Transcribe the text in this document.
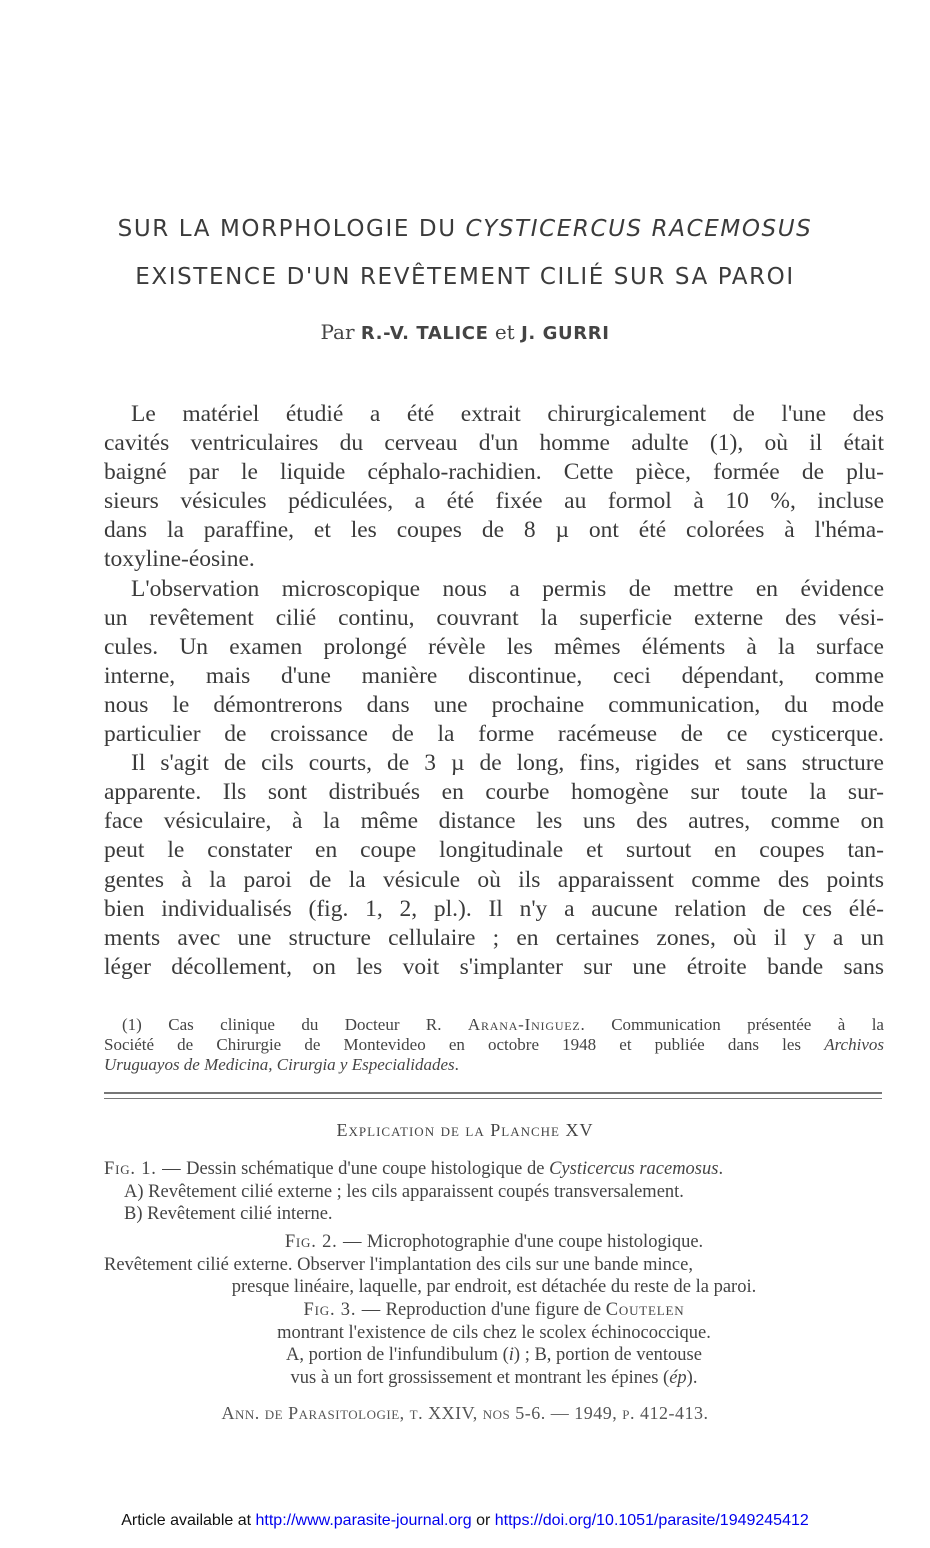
SUR LA MORPHOLOGIE DU CYSTICERCUS RACEMOSUS
EXISTENCE D'UN REVÊTEMENT CILIÉ SUR SA PAROI
Par R.-V. TALICE et J. GURRI
Le matériel étudié a été extrait chirurgicalement de l'une des
cavités ventriculaires du cerveau d'un homme adulte (1), où il était
baigné par le liquide céphalo-rachidien. Cette pièce, formée de plu-
sieurs vésicules pédiculées, a été fixée au formol à 10 %, incluse
dans la paraffine, et les coupes de 8 µ ont été colorées à l'héma-
toxyline-éosine.
L'observation microscopique nous a permis de mettre en évidence
un revêtement cilié continu, couvrant la superficie externe des vési-
cules. Un examen prolongé révèle les mêmes éléments à la surface
interne, mais d'une manière discontinue, ceci dépendant, comme
nous le démontrerons dans une prochaine communication, du mode
particulier de croissance de la forme racémeuse de ce cysticerque.
Il s'agit de cils courts, de 3 µ de long, fins, rigides et sans structure
apparente. Ils sont distribués en courbe homogène sur toute la sur-
face vésiculaire, à la même distance les uns des autres, comme on
peut le constater en coupe longitudinale et surtout en coupes tan-
gentes à la paroi de la vésicule où ils apparaissent comme des points
bien individualisés (fig. 1, 2, pl.). Il n'y a aucune relation de ces élé-
ments avec une structure cellulaire ; en certaines zones, où il y a un
léger décollement, on les voit s'implanter sur une étroite bande sans
(1) Cas clinique du Docteur R. Arana-Iniguez. Communication présentée à la
Société de Chirurgie de Montevideo en octobre 1948 et publiée dans les Archivos
Uruguayos de Medicina, Cirurgia y Especialidades.
Explication de la Planche XV
Fig. 1. — Dessin schématique d'une coupe histologique de Cysticercus racemosus.
A) Revêtement cilié externe ; les cils apparaissent coupés transversalement.
B) Revêtement cilié interne.
Fig. 2. — Microphotographie d'une coupe histologique.
Revêtement cilié externe. Observer l'implantation des cils sur une bande mince,
presque linéaire, laquelle, par endroit, est détachée du reste de la paroi.
Fig. 3. — Reproduction d'une figure de Coutelen
montrant l'existence de cils chez le scolex échinococcique.
A, portion de l'infundibulum (i) ; B, portion de ventouse
vus à un fort grossissement et montrant les épines (ép).
Ann. de Parasitologie, t. XXIV, nos 5-6. — 1949, p. 412-413.
Article available at http://www.parasite-journal.org or https://doi.org/10.1051/parasite/1949245412
